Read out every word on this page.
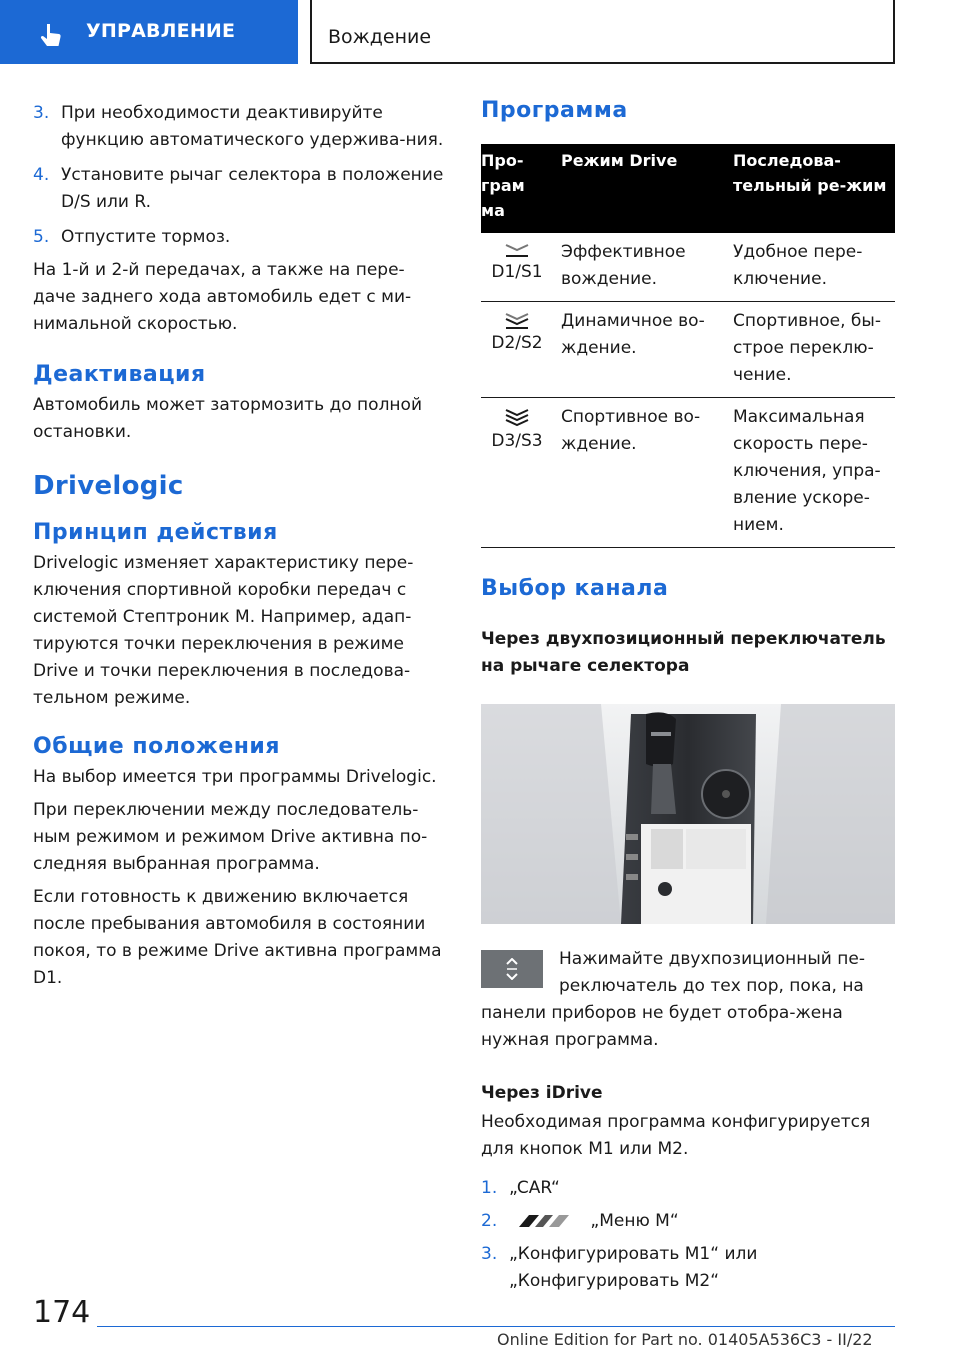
УПРАВЛЕНИЕ	Вождение
3. При необходимости деактивируйте функцию автоматического удержива-ния.
4. Установите рычаг селектора в положение D/S или R.
5. Отпустите тормоз.

На 1-й и 2-й передачах, а также на пере-даче заднего хода автомобиль едет с ми-нимальной скоростью.

Деактивация

Автомобиль может затормозить до полной остановки.

Drivelogic
Принцип действия

Drivelogic изменяет характеристику пере-ключения спортивной коробки передач с системой Стептроник M. Например, адап-тируются точки переключения в режиме Drive и точки переключения в последова-тельном режиме.

Общие положения

На выбор имеется три программы Drivelogic.

При переключении между последователь-ным режимом и режимом Drive активна по-следняя выбранная программа.

Если готовность к движению включается после пребывания автомобиля в состоянии покоя, то в режиме Drive активна программа D1.

Программа
Про-грам ма	Режим Drive	Последова-тельный ре-жим

D1/S1	Эффективное вождение.	Удобное пере-ключение.

D2/S2	Динамичное во-ждение.	Спортивное, бы-строе переклю-чение.

D3/S3	Спортивное во-ждение.	Максимальная скорость пере-ключения, упра-вление ускоре-нием.
Выбор канала
Через двухпозиционный переключатель на рычаге селектора

Нажимайте двухпозиционный пе-реключатель до тех пор, пока, на панели приборов не будет отобра-жена нужная программа.

Через iDrive

Необходимая программа конфигурируется для кнопок M1 или M2.

1. „CAR“
2.	„Меню M“
3. „Конфигурировать M1“ или „Конфигурировать M2“
174
Online Edition for Part no. 01405A536C3 - II/22
